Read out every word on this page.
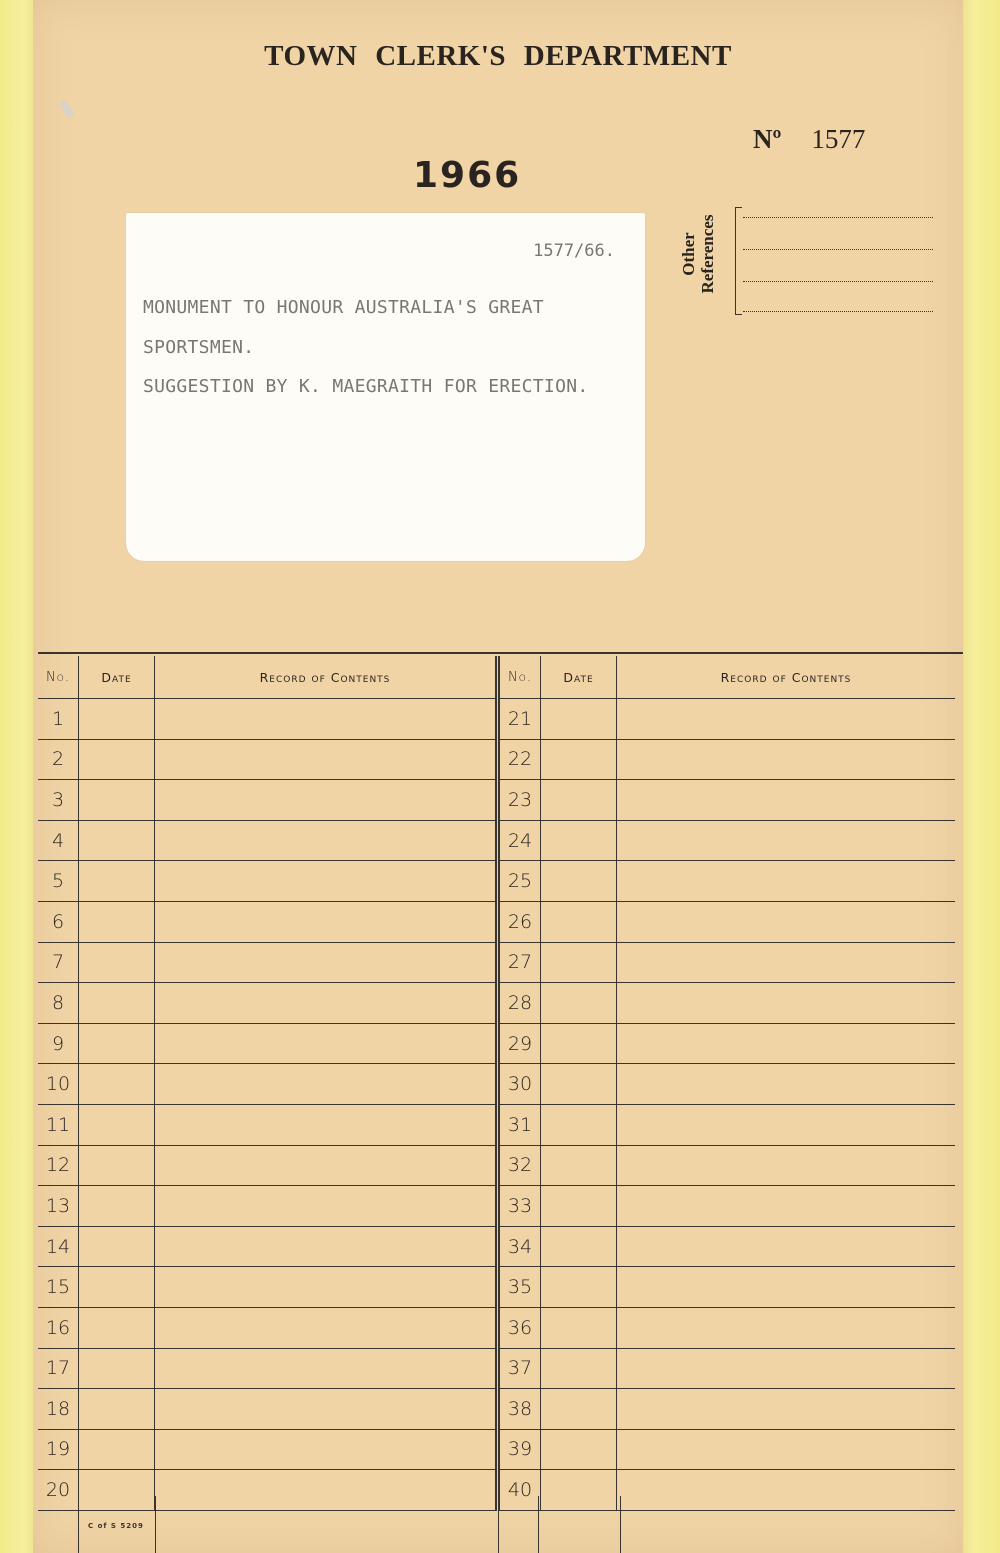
TOWN CLERK'S DEPARTMENT
Nº 1577
1966
1577/66.
MONUMENT TO HONOUR AUSTRALIA'S GREAT
SPORTSMEN.
SUGGESTION BY K. MAEGRAITH FOR ERECTION.
Other References
No.	Date	Record of Contents
1		
2		
3		
4		
5		
6		
7		
8		
9		
10		
11		
12		
13		
14		
15		
16		
17		
18		
19		
20		
No.	Date	Record of Contents
21		
22		
23		
24		
25		
26		
27		
28		
29		
30		
31		
32		
33		
34		
35		
36		
37		
38		
39		
40		
C of S 5209
